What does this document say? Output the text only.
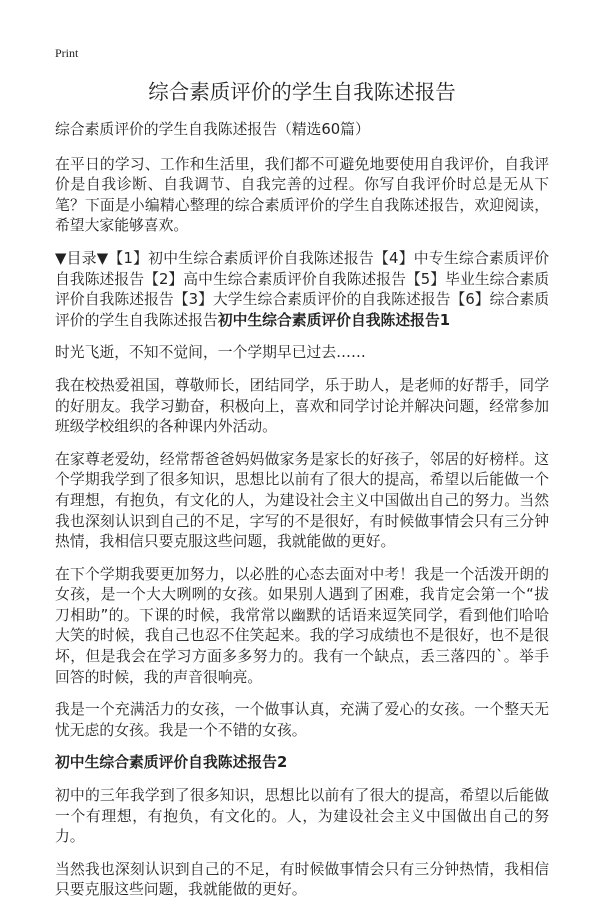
Print
综合素质评价的学生自我陈述报告

综合素质评价的学生自我陈述报告（精选60篇）

在平日的学习、工作和生活里，我们都不可避免地要使用自我评价，自我评价是自我诊断、自我调节、自我完善的过程。你写自我评价时总是无从下笔？下面是小编精心整理的综合素质评价的学生自我陈述报告，欢迎阅读，希望大家能够喜欢。

▼目录▼【1】初中生综合素质评价自我陈述报告【4】中专生综合素质评价自我陈述报告【2】高中生综合素质评价自我陈述报告【5】毕业生综合素质评价自我陈述报告【3】大学生综合素质评价的自我陈述报告【6】综合素质评价的学生自我陈述报告初中生综合素质评价自我陈述报告1

时光飞逝，不知不觉间，一个学期早已过去……

我在校热爱祖国，尊敬师长，团结同学，乐于助人，是老师的好帮手，同学的好朋友。我学习勤奋，积极向上，喜欢和同学讨论并解决问题，经常参加班级学校组织的各种课内外活动。

在家尊老爱幼，经常帮爸爸妈妈做家务是家长的好孩子，邻居的好榜样。这个学期我学到了很多知识，思想比以前有了很大的提高，希望以后能做一个有理想，有抱负，有文化的人，为建设社会主义中国做出自己的努力。当然我也深刻认识到自己的不足，字写的不是很好，有时候做事情会只有三分钟热情，我相信只要克服这些问题，我就能做的更好。

在下个学期我要更加努力，以必胜的心态去面对中考！我是一个活泼开朗的女孩，是一个大大咧咧的女孩。如果别人遇到了困难，我肯定会第一个“拔刀相助”的。下课的时候，我常常以幽默的话语来逗笑同学，看到他们哈哈大笑的时候，我自己也忍不住笑起来。我的学习成绩也不是很好，也不是很坏，但是我会在学习方面多多努力的。我有一个缺点，丢三落四的`。举手回答的时候，我的声音很响亮。

我是一个充满活力的女孩，一个做事认真，充满了爱心的女孩。一个整天无忧无虑的女孩。我是一个不错的女孩。

初中生综合素质评价自我陈述报告2

初中的三年我学到了很多知识，思想比以前有了很大的提高，希望以后能做一个有理想，有抱负，有文化的。人，为建设社会主义中国做出自己的努力。

当然我也深刻认识到自己的不足，有时候做事情会只有三分钟热情，我相信只要克服这些问题，我就能做的更好。
